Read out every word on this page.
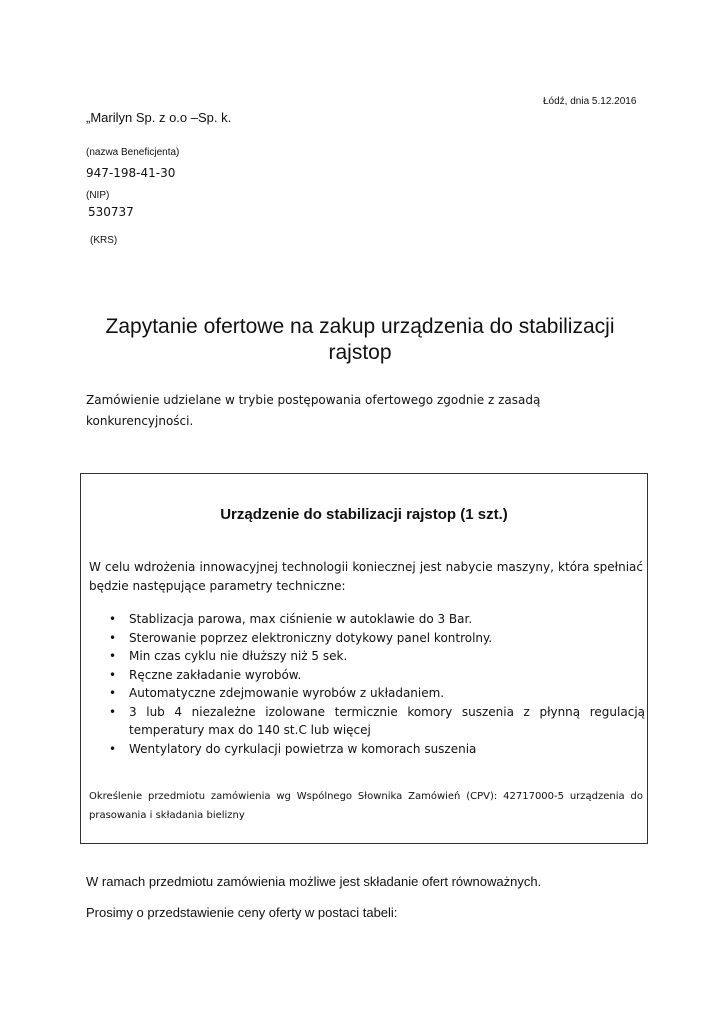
Łódź, dnia 5.12.2016
„Marilyn Sp. z o.o –Sp. k.
(nazwa Beneficjenta)
947-198-41-30
(NIP)
530737
(KRS)
Zapytanie ofertowe na zakup urządzenia do stabilizacji rajstop
Zamówienie udzielane w trybie postępowania ofertowego zgodnie z zasadą konkurencyjności.
Urządzenie do stabilizacji rajstop (1 szt.)
W celu wdrożenia innowacyjnej technologii koniecznej jest nabycie maszyny, która spełniać będzie następujące parametry techniczne:
• Stablizacja parowa, max ciśnienie w autoklawie do 3 Bar.
• Sterowanie poprzez elektroniczny dotykowy panel kontrolny.
• Min czas cyklu nie dłuższy niż 5 sek.
• Ręczne zakładanie wyrobów.
• Automatyczne zdejmowanie wyrobów z układaniem.
• 3 lub 4 niezależne izolowane termicznie komory suszenia z płynną regulacją temperatury max do 140 st.C lub więcej
• Wentylatory do cyrkulacji powietrza w komorach suszenia
Określenie przedmiotu zamówienia wg Wspólnego Słownika Zamówień (CPV): 42717000-5 urządzenia do prasowania i składania bielizny
W ramach przedmiotu zamówienia możliwe jest składanie ofert równoważnych.
Prosimy o przedstawienie ceny oferty w postaci tabeli:
